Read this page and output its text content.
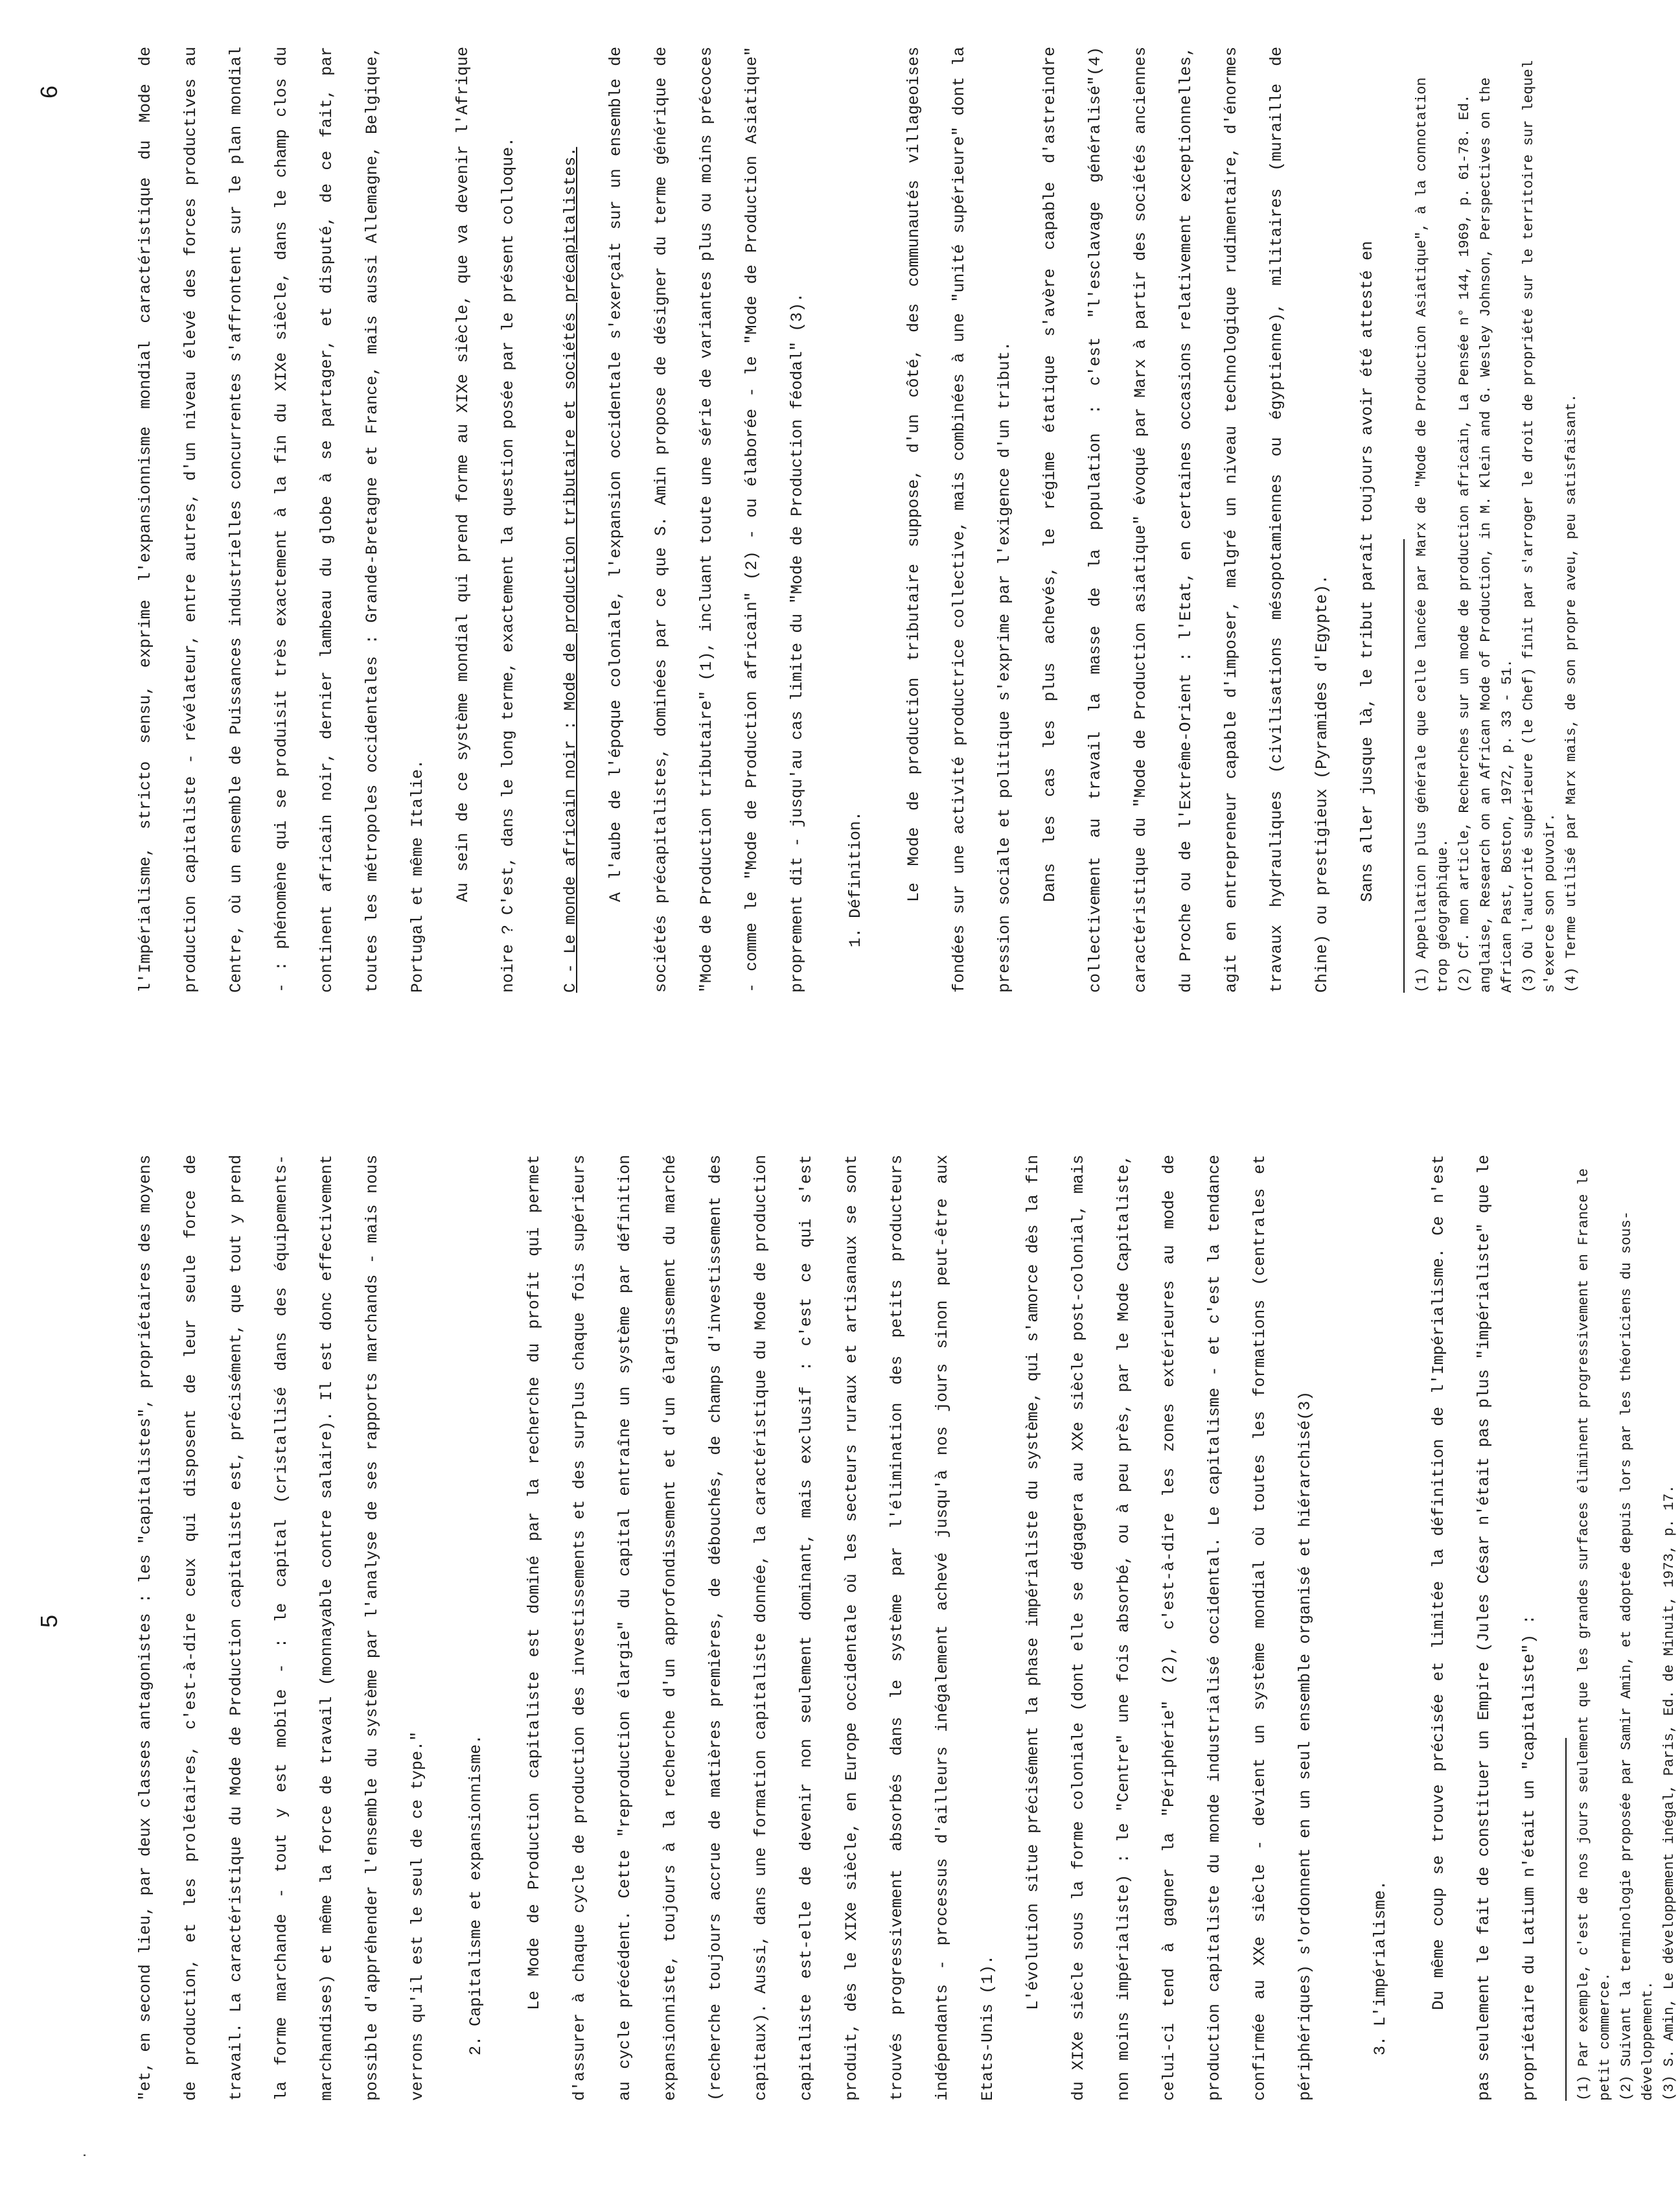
·
5	"et, en second lieu, par deux classes antagonistes : les "capitalistes", propriétaires des moyens de production, et les prolétaires, c'est-à-dire ceux qui disposent de leur seule force de travail. La caractéristique du Mode de Production capitaliste est, précisément, que tout y prend la forme marchande - tout y est mobile - : le capital (cristallisé dans des équipements-marchandises) et même la force de travail (monnayable contre salaire). Il est donc effectivement possible d'appréhender l'ensemble du système par l'analyse de ses rapports marchands - mais nous verrons qu'il est le seul de ce type."	2. Capitalisme et expansionnisme.	Le Mode de Production capitaliste est dominé par la recherche du profit qui permet d'assurer à chaque cycle de production des investissements et des surplus chaque fois supérieurs au cycle précédent. Cette "reproduction élargie" du capital entraîne un système par définition expansionniste, toujours à la recherche d'un approfondissement et d'un élargissement du marché (recherche toujours accrue de matières premières, de débouchés, de champs d'investissement des capitaux). Aussi, dans une formation capitaliste donnée, la caractéristique du Mode de production capitaliste est-elle de devenir non seulement dominant, mais exclusif : c'est ce qui s'est produit, dès le XIXe siècle, en Europe occidentale où les secteurs ruraux et artisanaux se sont trouvés progressivement absorbés dans le système par l'élimination des petits producteurs indépendants - processus d'ailleurs inégalement achevé jusqu'à nos jours sinon peut-être aux Etats-Unis (1).

L'évolution situe précisément la phase impérialiste du système, qui s'amorce dès la fin du XIXe siècle sous la forme coloniale (dont elle se dégagera au XXe siècle post-colonial, mais non moins impérialiste) : le "Centre" une fois absorbé, ou à peu près, par le Mode Capitaliste, celui-ci tend à gagner la "Périphérie" (2), c'est-à-dire les zones extérieures au mode de production capitaliste du monde industrialisé occidental. Le capitalisme - et c'est la tendance confirmée au XXe siècle - devient un système mondial où toutes les formations (centrales et périphériques) s'ordonnent en un seul ensemble organisé et hiérarchisé(3)	3. L'impérialisme.	Du même coup se trouve précisée et limitée la définition de l'Impérialisme. Ce n'est pas seulement le fait de constituer un Empire (Jules César n'était pas plus "impérialiste" que le propriétaire du Latium n'était un "capitaliste") :	(1) Par exemple, c'est de nos jours seulement que les grandes surfaces éliminent progressivement en France le petit commerce. (2) Suivant la terminologie proposée par Samir Amin, et adoptée depuis lors par les théoriciens du sous-développement. (3) S. Amin, Le développement inégal, Paris, Ed. de Minuit, 1973, p. 17.

6	l'Impérialisme, stricto sensu, exprime l'expansionnisme mondial caractéristique du Mode de production capitaliste - révélateur, entre autres, d'un niveau élevé des forces productives au Centre, où un ensemble de Puissances industrielles concurrentes s'affrontent sur le plan mondial - : phénomène qui se produisit très exactement à la fin du XIXe siècle, dans le champ clos du continent africain noir, dernier lambeau du globe à se partager, et disputé, de ce fait, par toutes les métropoles occidentales : Grande-Bretagne et France, mais aussi Allemagne, Belgique, Portugal et même Italie.	Au sein de ce système mondial qui prend forme au XIXe siècle, que va devenir l'Afrique noire ? C'est, dans le long terme, exactement la question posée par le présent colloque.	C - Le monde africain noir : Mode de production tributaire et sociétés précapitalistes.	A l'aube de l'époque coloniale, l'expansion occidentale s'exerçait sur un ensemble de sociétés précapitalistes, dominées par ce que S. Amin propose de désigner du terme générique de "Mode de Production tributaire" (1), incluant toute une série de variantes plus ou moins précoces - comme le "Mode de Production africain" (2) - ou élaborée - le "Mode de Production Asiatique" proprement dit - jusqu'au cas limite du "Mode de Production féodal" (3).	1. Définition.	Le Mode de production tributaire suppose, d'un côté, des communautés villageoises fondées sur une activité productrice collective, mais combinées à une "unité supérieure" dont la pression sociale et politique s'exprime par l'exigence d'un tribut.	Dans les cas les plus achevés, le régime étatique s'avère capable d'astreindre collectivement au travail la masse de la population : c'est "l'esclavage généralisé"(4) caractéristique du "Mode de Production asiatique" évoqué par Marx à partir des sociétés anciennes du Proche ou de l'Extrême-Orient : l'Etat, en certaines occasions relativement exceptionnelles, agit en entrepreneur capable d'imposer, malgré un niveau technologique rudimentaire, d'énormes travaux hydrauliques (civilisations mésopotamiennes ou égyptienne), militaires (muraille de Chine) ou prestigieux (Pyramides d'Egypte).	Sans aller jusque là, le tribut paraît toujours avoir été attesté en	(1) Appellation plus générale que celle lancée par Marx de "Mode de Production Asiatique", à la connotation trop géographique. (2) Cf. mon article, Recherches sur un mode de production africain, La Pensée n° 144, 1969, p. 61-78. Ed. anglaise, Research on an African Mode of Production, in M. Klein and G. Wesley Johnson, Perspectives on the African Past, Boston, 1972, p. 33 - 51. (3) Où l'autorité supérieure (le Chef) finit par s'arroger le droit de propriété sur le territoire sur lequel s'exerce son pouvoir. (4) Terme utilisé par Marx mais, de son propre aveu, peu satisfaisant.
